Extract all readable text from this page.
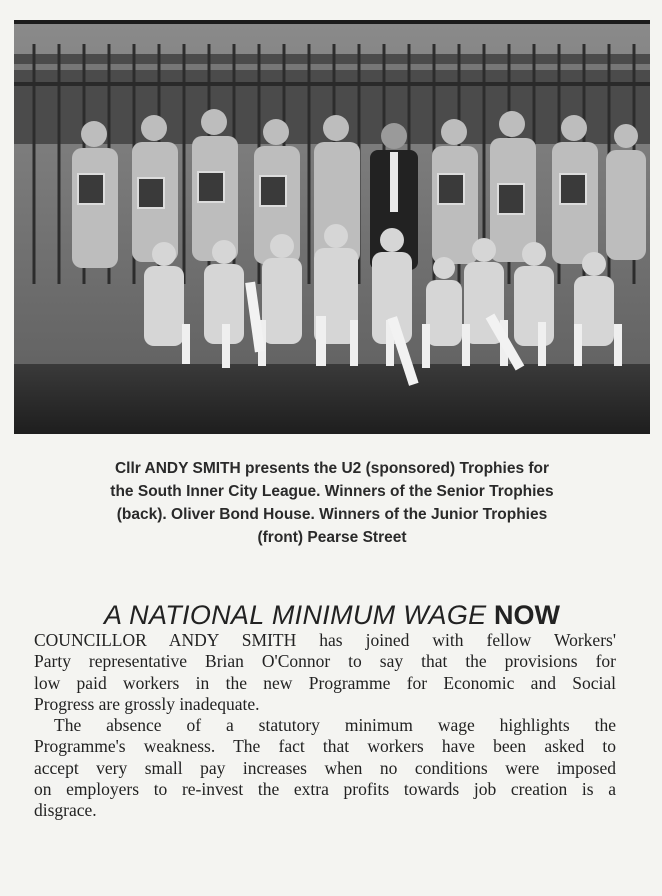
Cllr ANDY SMITH presents the U2 (sponsored) Trophies for
the South Inner City League. Winners of the Senior Trophies
(back). Oliver Bond House. Winners of the Junior Trophies
(front) Pearse Street
A NATIONAL MINIMUM WAGE NOW

COUNCILLOR ANDY SMITH has joined with fellow Workers'
Party representative Brian O'Connor to say that the provisions for
low paid workers in the new Programme for Economic and Social
Progress are grossly inadequate.

The absence of a statutory minimum wage highlights the
Programme's weakness. The fact that workers have been asked to
accept very small pay increases when no conditions were imposed
on employers to re-invest the extra profits towards job creation is a
disgrace.
